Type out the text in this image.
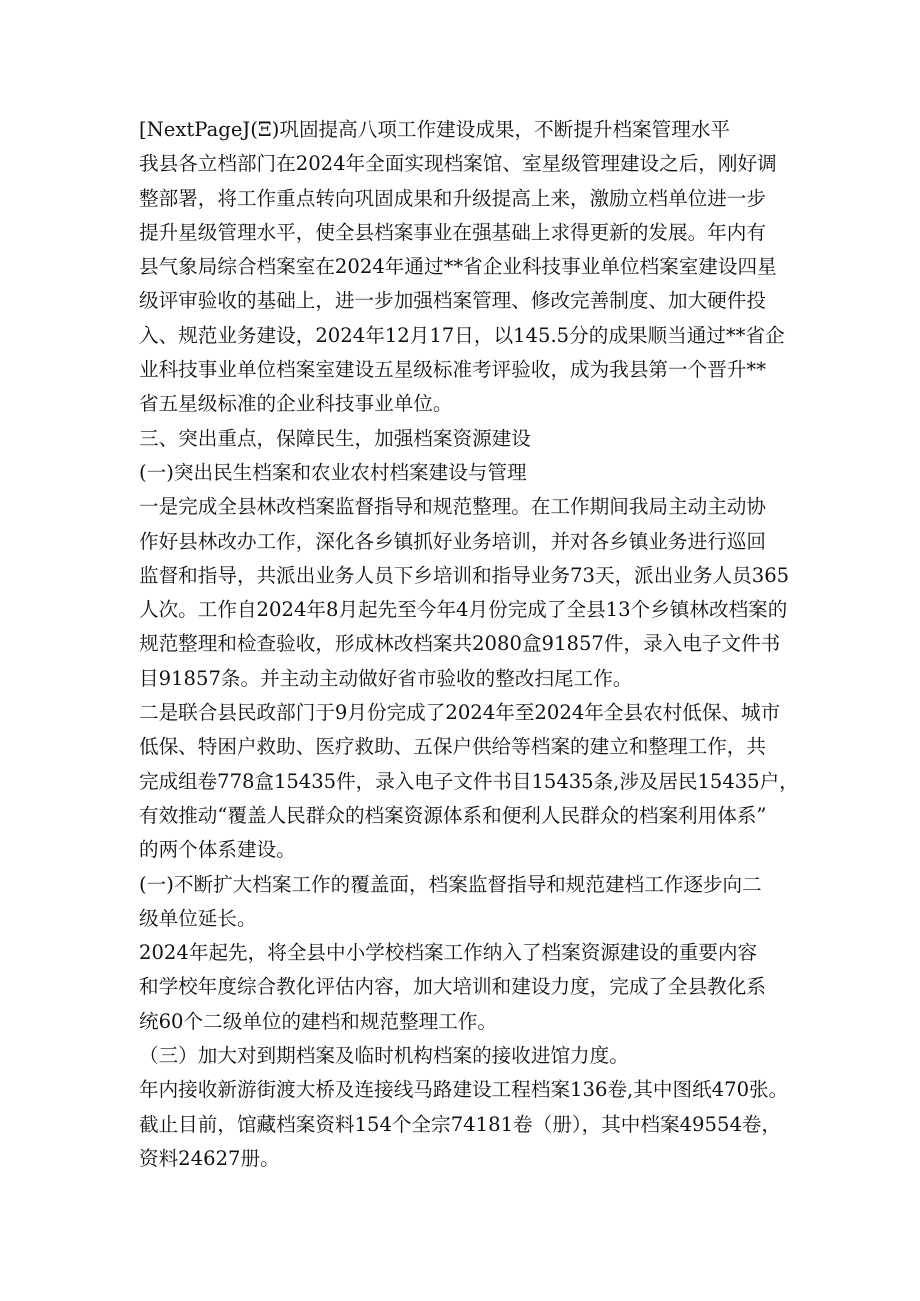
[NextPageJ(Ξ)巩固提高八项工作建设成果，不断提升档案管理水平
我县各立档部门在2024年全面实现档案馆、室星级管理建设之后，刚好调
整部署，将工作重点转向巩固成果和升级提高上来，激励立档单位进一步
提升星级管理水平，使全县档案事业在强基础上求得更新的发展。年内有
县气象局综合档案室在2024年通过**省企业科技事业单位档案室建设四星
级评审验收的基础上，进一步加强档案管理、修改完善制度、加大硬件投
入、规范业务建设，2024年12月17日，以145.5分的成果顺当通过**省企
业科技事业单位档案室建设五星级标准考评验收，成为我县第一个晋升**
省五星级标准的企业科技事业单位。
三、突出重点，保障民生，加强档案资源建设
(一)突出民生档案和农业农村档案建设与管理
一是完成全县林改档案监督指导和规范整理。在工作期间我局主动主动协
作好县林改办工作，深化各乡镇抓好业务培训，并对各乡镇业务进行巡回
监督和指导，共派出业务人员下乡培训和指导业务73天，派出业务人员365
人次。工作自2024年8月起先至今年4月份完成了全县13个乡镇林改档案的
规范整理和检查验收，形成林改档案共2080盒91857件，录入电子文件书
目91857条。并主动主动做好省市验收的整改扫尾工作。
二是联合县民政部门于9月份完成了2024年至2024年全县农村低保、城市
低保、特困户救助、医疗救助、五保户供给等档案的建立和整理工作，共
完成组卷778盒15435件，录入电子文件书目15435条,涉及居民15435户，
有效推动“覆盖人民群众的档案资源体系和便利人民群众的档案利用体系”
的两个体系建设。
(一)不断扩大档案工作的覆盖面，档案监督指导和规范建档工作逐步向二
级单位延长。
2024年起先，将全县中小学校档案工作纳入了档案资源建设的重要内容
和学校年度综合教化评估内容，加大培训和建设力度，完成了全县教化系
统60个二级单位的建档和规范整理工作。
（三）加大对到期档案及临时机构档案的接收进馆力度。
年内接收新游街渡大桥及连接线马路建设工程档案136卷,其中图纸470张。
截止目前，馆藏档案资料154个全宗74181卷（册），其中档案49554卷，
资料24627册。
